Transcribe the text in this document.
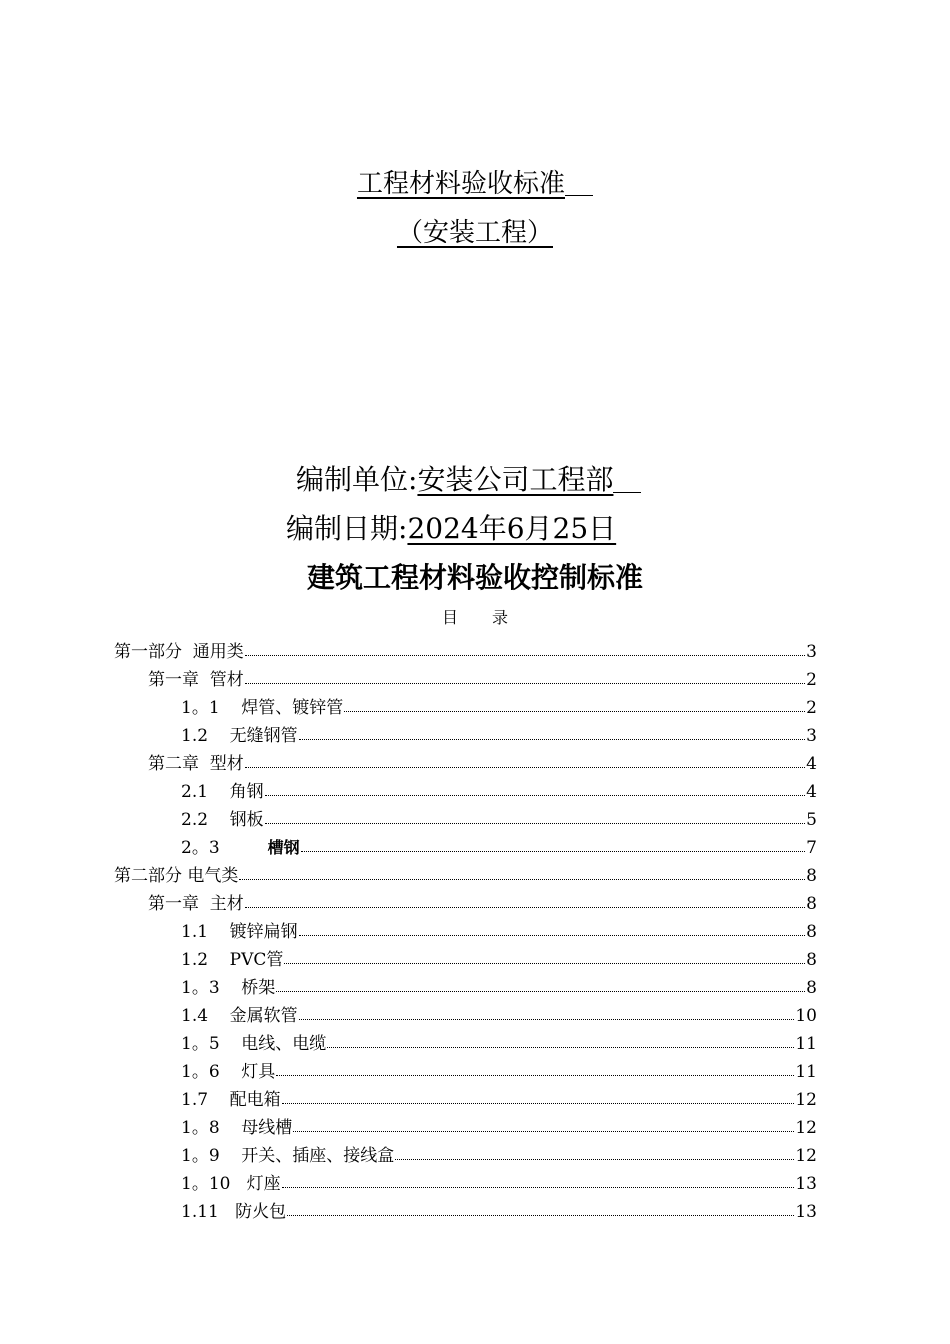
工程材料验收标准
（安装工程）
编制单位:安装公司工程部
编制日期:2024年6月25日
建筑工程材料验收控制标准
目 录
第一部分  通用类	3
第一章  管材	2
1。1    焊管、镀锌管	2
1.2    无缝钢管	3
第二章  型材	4
2.1    角钢	4
2.2    钢板	5
2。3	槽钢	7
第二部分 电气类	8
第一章  主材	8
1.1    镀锌扁钢	8
1.2    PVC管	8
1。3    桥架	8
1.4    金属软管	10
1。5    电线、电缆	11
1。6    灯具	11
1.7    配电箱	12
1。8    母线槽	12
1。9    开关、插座、接线盒	12
1。10   灯座	13
1.11   防火包	13
